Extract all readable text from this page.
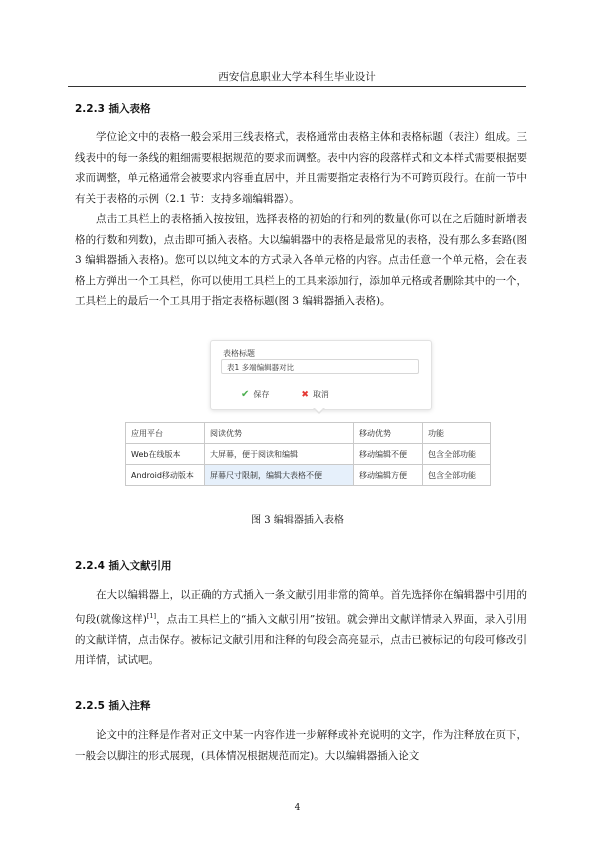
西安信息职业大学本科生毕业设计
2.2.3 插入表格

学位论文中的表格一般会采用三线表格式，表格通常由表格主体和表格标题（表注）组成。三线表中的每一条线的粗细需要根据规范的要求而调整。表中内容的段落样式和文本样式需要根据要求而调整，单元格通常会被要求内容垂直居中，并且需要指定表格行为不可跨页段行。在前一节中有关于表格的示例（2.1 节：支持多端编辑器）。

点击工具栏上的表格插入按按钮，选择表格的初始的行和列的数量(你可以在之后随时新增表格的行数和列数)，点击即可插入表格。大以编辑器中的表格是最常见的表格，没有那么多套路(图 3 编辑器插入表格)。您可以以纯文本的方式录入各单元格的内容。点击任意一个单元格，会在表格上方弹出一个工具栏，你可以使用工具栏上的工具来添加行，添加单元格或者删除其中的一个，工具栏上的最后一个工具用于指定表格标题(图 3 编辑器插入表格)。

表格标题
表1 多端编辑器对比
✔ 保存	✖ 取消
应用平台	阅读优势	移动优势	功能
Web在线版本	大屏幕，便于阅读和编辑	移动编辑不便	包含全部功能
Android移动版本	屏幕尺寸限制，编辑大表格不便	移动编辑方便	包含全部功能
图 3 编辑器插入表格
2.2.4 插入文献引用

在大以编辑器上，以正确的方式插入一条文献引用非常的简单。首先选择你在编辑器中引用的句段(就像这样)[1]，点击工具栏上的“插入文献引用”按钮。就会弹出文献详情录入界面，录入引用的文献详情，点击保存。被标记文献引用和注释的句段会高亮显示，点击已被标记的句段可修改引用详情，试试吧。

2.2.5 插入注释

论文中的注释是作者对正文中某一内容作进一步解释或补充说明的文字，作为注释放在页下，一般会以脚注的形式展现，(具体情况根据规范而定)。大以编辑器插入论文

4
